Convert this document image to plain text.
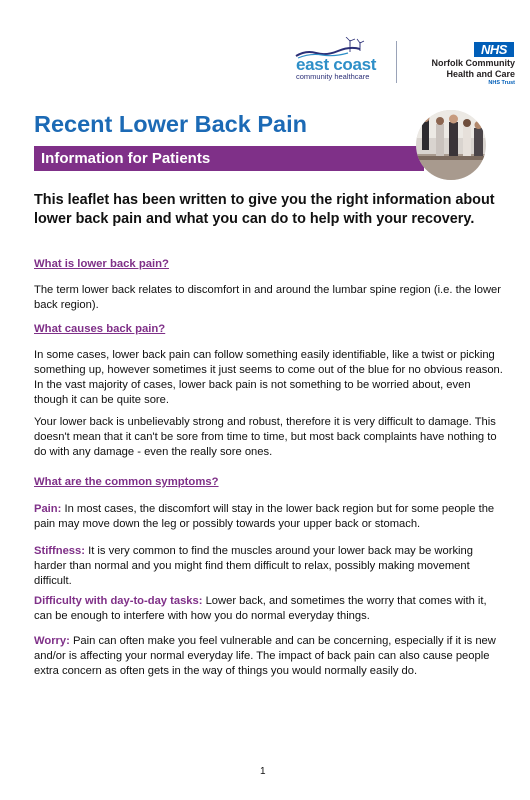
east coast
community healthcare
NHS
Norfolk Community
Health and Care
NHS Trust
Recent Lower Back Pain
Information for Patients
This leaflet has been written to give you the right information about lower back pain and what you can do to help with your recovery.
What is lower back pain?
The term lower back relates to discomfort in and around the lumbar spine region (i.e. the lower back region).
What causes back pain?
In some cases, lower back pain can follow something easily identifiable, like a twist or picking something up, however sometimes it just seems to come out of the blue for no obvious reason. In the vast majority of cases, lower back pain is not something to be worried about, even though it can be quite sore.
Your lower back is unbelievably strong and robust, therefore it is very difficult to damage. This doesn't mean that it can't be sore from time to time, but most back complaints have nothing to do with any damage - even the really sore ones.
What are the common symptoms?
Pain: In most cases, the discomfort will stay in the lower back region but for some people the pain may move down the leg or possibly towards your upper back or stomach.
Stiffness: It is very common to find the muscles around your lower back may be working harder than normal and you might find them difficult to relax, possibly making movement difficult.
Difficulty with day-to-day tasks: Lower back, and sometimes the worry that comes with it, can be enough to interfere with how you do normal everyday things.
Worry: Pain can often make you feel vulnerable and can be concerning, especially if it is new and/or is affecting your normal everyday life. The impact of back pain can also cause people extra concern as often gets in the way of things you would normally easily do.
1
